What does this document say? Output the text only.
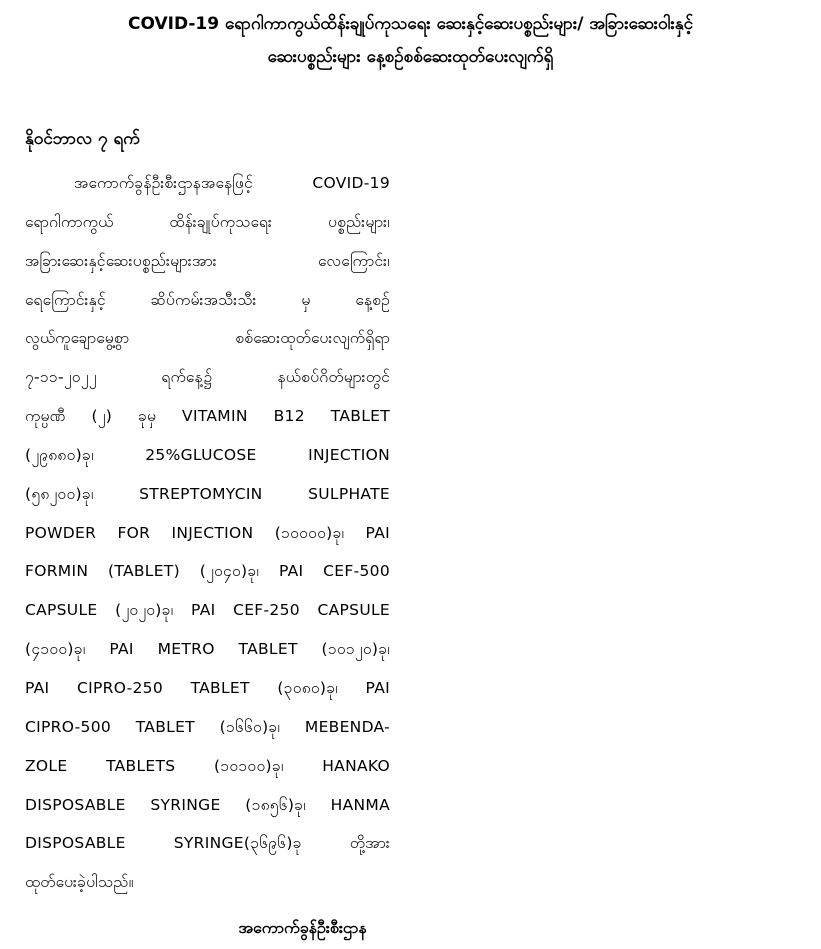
COVID-19 ရောဂါကာကွယ်ထိန်းချုပ်ကုသရေး ဆေးနှင့်ဆေးပစ္စည်းများ/ အခြားဆေးဝါးနှင့်
ဆေးပစ္စည်းများ နေ့စဉ်စစ်ဆေးထုတ်ပေးလျက်ရှိ

နိုဝင်ဘာလ ၇ ရက်

အကောက်ခွန်ဦးစီးဌာနအနေဖြင့် COVID-19
ရောဂါကာကွယ် ထိန်းချုပ်ကုသရေး ပစ္စည်းများ၊
အခြားဆေးနှင့်ဆေးပစ္စည်းများအား လေကြောင်း၊
ရေကြောင်းနှင့် ဆိပ်ကမ်းအသီးသီး မှ နေ့စဉ်
လွယ်ကူချောမွေ့စွာ စစ်ဆေးထုတ်ပေးလျက်ရှိရာ
၇-၁၁-၂၀၂၂ ရက်နေ့၌ နယ်စပ်ဂိတ်များတွင်
ကုမ္ပဏီ (၂) ခုမှ VITAMIN B12 TABLET
(၂၉၈၈၀)ခု၊ 25%GLUCOSE INJECTION
(၅၈၂၀၀)ခု၊ STREPTOMYCIN SULPHATE
POWDER FOR INJECTION (၁၀၀၀၀)ခု၊ PAI
FORMIN (TABLET) (၂၀၄၀)ခု၊ PAI CEF-500
CAPSULE (၂၀၂၀)ခု၊ PAI CEF-250 CAPSULE
(၄၁၀၀)ခု၊ PAI METRO TABLET (၁၀၁၂၀)ခု၊
PAI CIPRO-250 TABLET (၃၀၈၀)ခု၊ PAI
CIPRO-500 TABLET (၁၆၆၀)ခု၊ MEBENDA-
ZOLE TABLETS (၁၀၁၀၀)ခု၊ HANAKO
DISPOSABLE SYRINGE (၁၈၅၆)ခု၊ HANMA
DISPOSABLE SYRINGE(၃၆၉၆)ခု တို့အား
ထုတ်ပေးခဲ့ပါသည်။

အကောက်ခွန်ဦးစီးဌာန
